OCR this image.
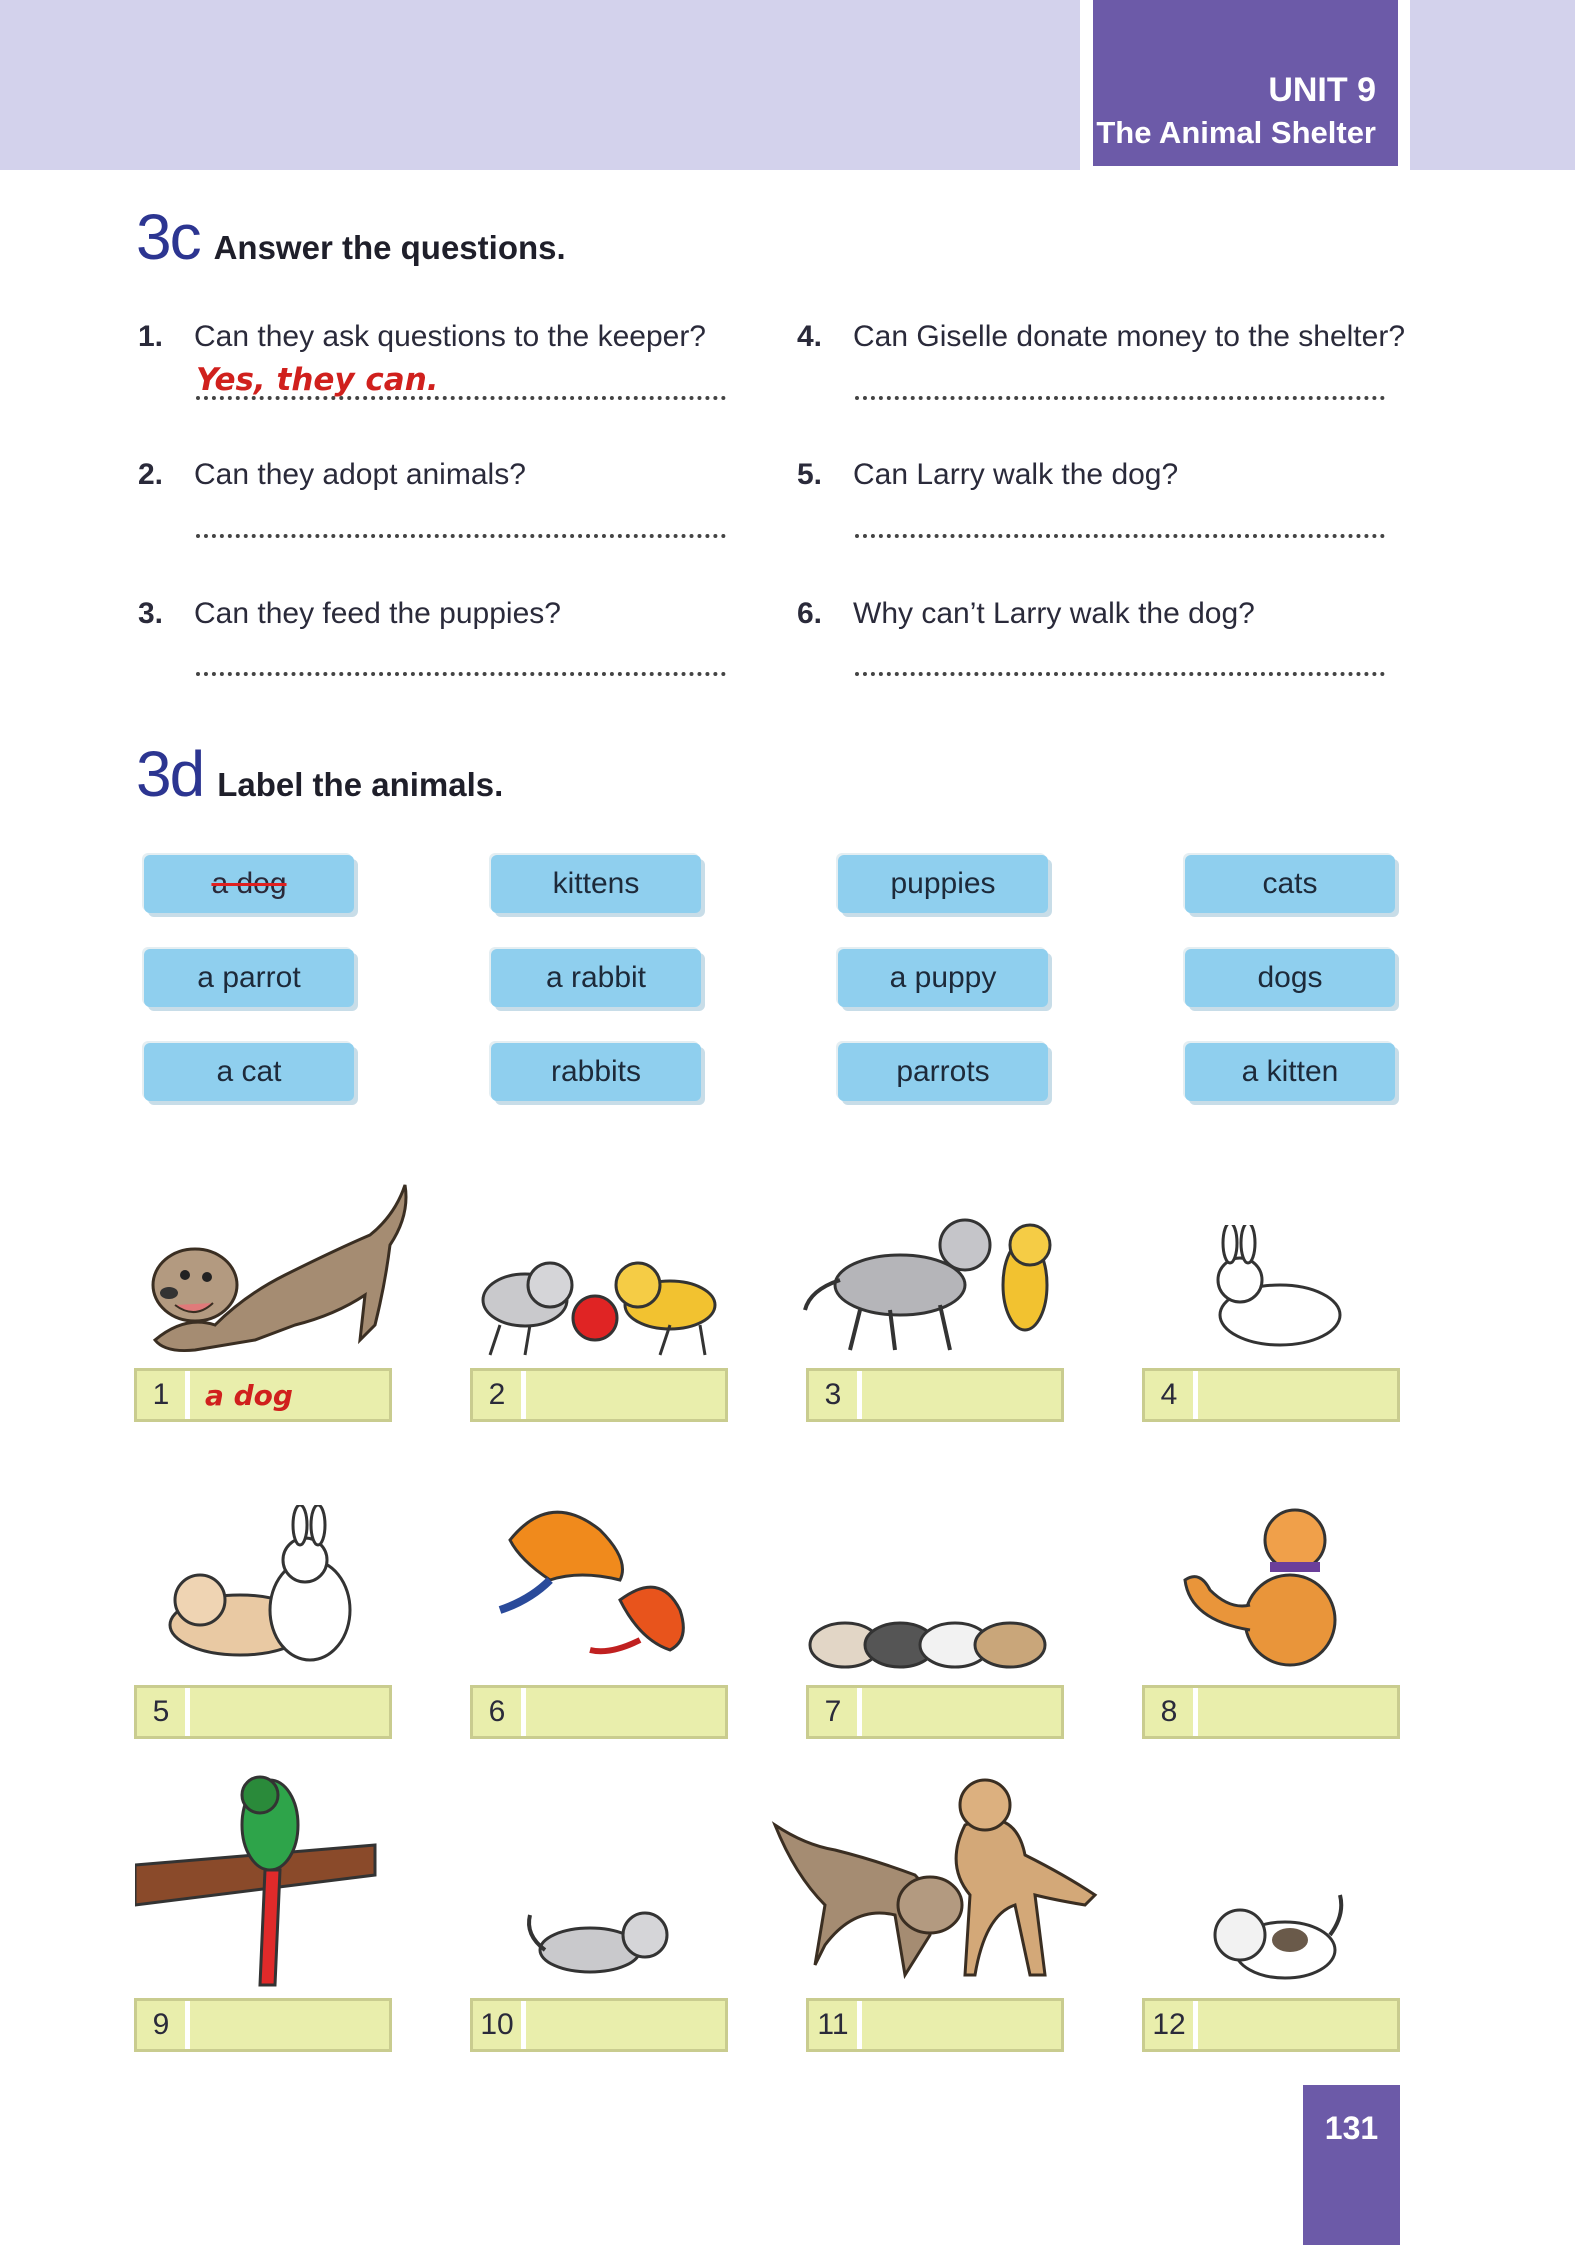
UNIT 9
The Animal Shelter
3c Answer the questions.
1. Can they ask questions to the keeper?
Yes, they can.
2. Can they adopt animals?
3. Can they feed the puppies?
4. Can Giselle donate money to the shelter?
5. Can Larry walk the dog?
6. Why can’t Larry walk the dog?
3d Label the animals.
a dog	kittens	puppies	cats
a parrot	a rabbit	a puppy	dogs
a cat	rabbits	parrots	a kitten
1	a dog	2	3	4
5	6	7	8
9	10	11	12
131
